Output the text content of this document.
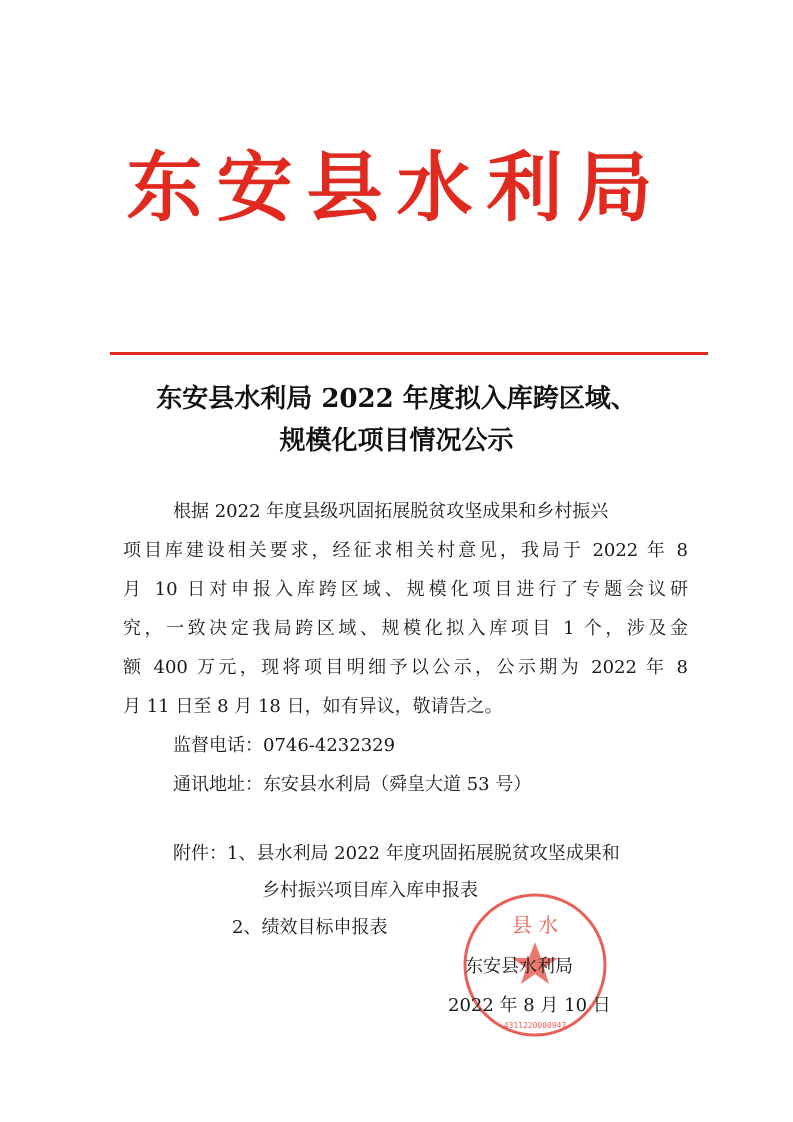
东安县水利局
东安县水利局 2022 年度拟入库跨区域、
规模化项目情况公示
根据 2022 年度县级巩固拓展脱贫攻坚成果和乡村振兴
项目库建设相关要求，经征求相关村意见，我局于 2022 年 8
月 10 日对申报入库跨区域、规模化项目进行了专题会议研
究，一致决定我局跨区域、规模化拟入库项目 1 个，涉及金
额 400 万元，现将项目明细予以公示，公示期为 2022 年 8
月 11 日至 8 月 18 日，如有异议，敬请告之。
监督电话：0746-4232329
通讯地址：东安县水利局（舜皇大道 53 号）
附件：1、县水利局 2022 年度巩固拓展脱贫攻坚成果和
乡村振兴项目库入库申报表
2、绩效目标申报表	县 水
4311220000947
东安县水利局
2022 年 8 月 10 日
